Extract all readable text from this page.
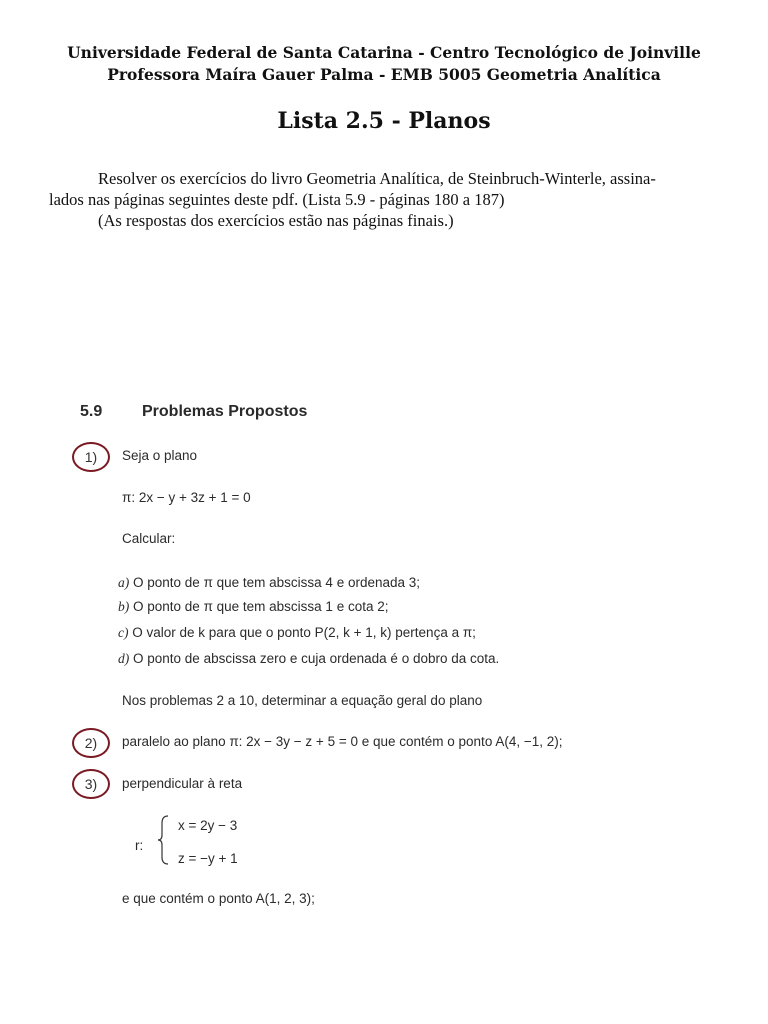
Universidade Federal de Santa Catarina - Centro Tecnológico de Joinville
Professora Maíra Gauer Palma - EMB 5005 Geometria Analítica
Lista 2.5 - Planos
Resolver os exercícios do livro Geometria Analítica, de Steinbruch-Winterle, assina-
lados nas páginas seguintes deste pdf. (Lista 5.9 - páginas 180 a 187)
(As respostas dos exercícios estão nas páginas finais.)
5.9 Problemas Propostos
1) Seja o plano
π: 2x − y + 3z + 1 = 0
Calcular:
a) O ponto de π que tem abscissa 4 e ordenada 3;
b) O ponto de π que tem abscissa 1 e cota 2;
c) O valor de k para que o ponto P(2, k + 1, k) pertença a π;
d) O ponto de abscissa zero e cuja ordenada é o dobro da cota.
Nos problemas 2 a 10, determinar a equação geral do plano
2) paralelo ao plano π: 2x − 3y − z + 5 = 0 e que contém o ponto A(4, −1, 2);
3) perpendicular à reta
r:
x = 2y − 3
z = −y + 1
e que contém o ponto A(1, 2, 3);
